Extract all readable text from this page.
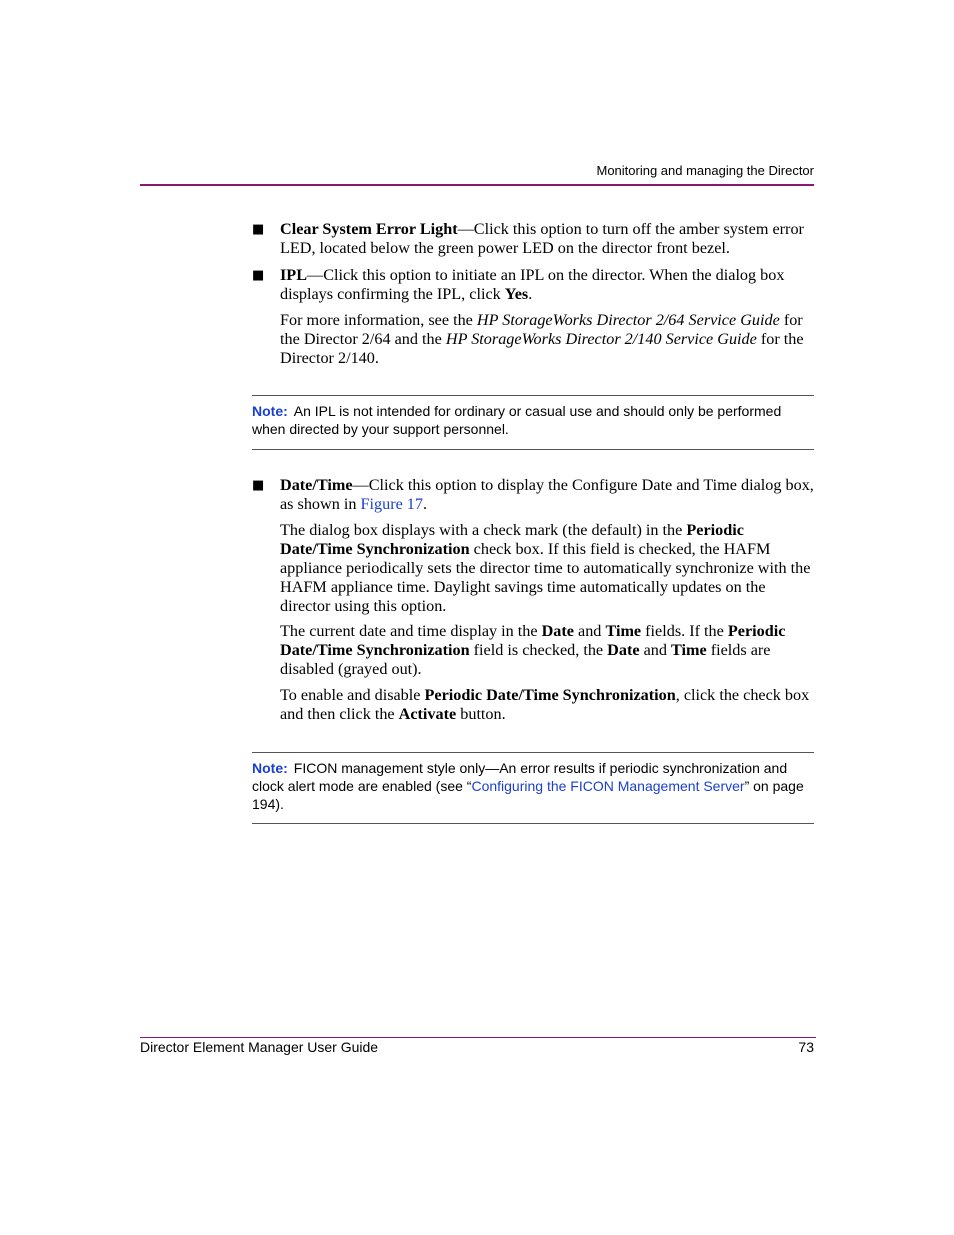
Monitoring and managing the Director
■ Clear System Error Light—Click this option to turn off the amber system error LED, located below the green power LED on the director front bezel.
■ IPL—Click this option to initiate an IPL on the director. When the dialog box displays confirming the IPL, click Yes.
For more information, see the HP StorageWorks Director 2/64 Service Guide for the Director 2/64 and the HP StorageWorks Director 2/140 Service Guide for the Director 2/140.
Note: An IPL is not intended for ordinary or casual use and should only be performed when directed by your support personnel.
■ Date/Time—Click this option to display the Configure Date and Time dialog box, as shown in Figure 17.
The dialog box displays with a check mark (the default) in the Periodic Date/Time Synchronization check box. If this field is checked, the HAFM appliance periodically sets the director time to automatically synchronize with the HAFM appliance time. Daylight savings time automatically updates on the director using this option.
The current date and time display in the Date and Time fields. If the Periodic Date/Time Synchronization field is checked, the Date and Time fields are disabled (grayed out).
To enable and disable Periodic Date/Time Synchronization, click the check box and then click the Activate button.
Note: FICON management style only—An error results if periodic synchronization and clock alert mode are enabled (see “Configuring the FICON Management Server” on page 194).
Director Element Manager User Guide	73
